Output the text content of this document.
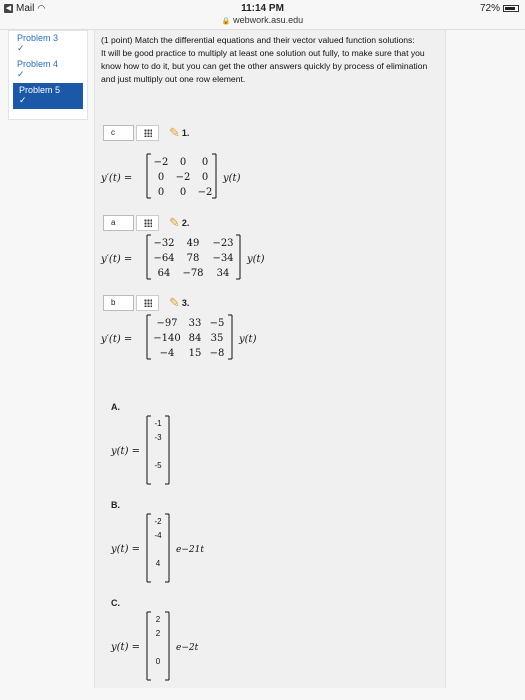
◀ Mail ◠	11:14 PM
🔒 webwork.asu.edu
72%
Problem 3
✓
Problem 4
✓
Problem 5
✓
(1 point) Match the differential equations and their vector valued function solutions:
It will be good practice to multiply at least one solution out fully, to make sure that you know how to do it, but you can get the other answers quickly by process of elimination and just multiply out one row element.
c	✎ 1.
y′(t) =
−2 0 0
0 −2 0
0 0 −2
y(t)
a	✎ 2.
y′(t) =
−32 49 −23
−64 78 −34
64 −78 34
y(t)
b	✎ 3.
y′(t) =
−97 33 −5
−140 84 35
−4 15 −8
y(t)
A.
y(t) =
-1
-3
-5
B.
y(t) =
-2
-4
4
e−21t
C.
y(t) =
2
2
0
e−2t
